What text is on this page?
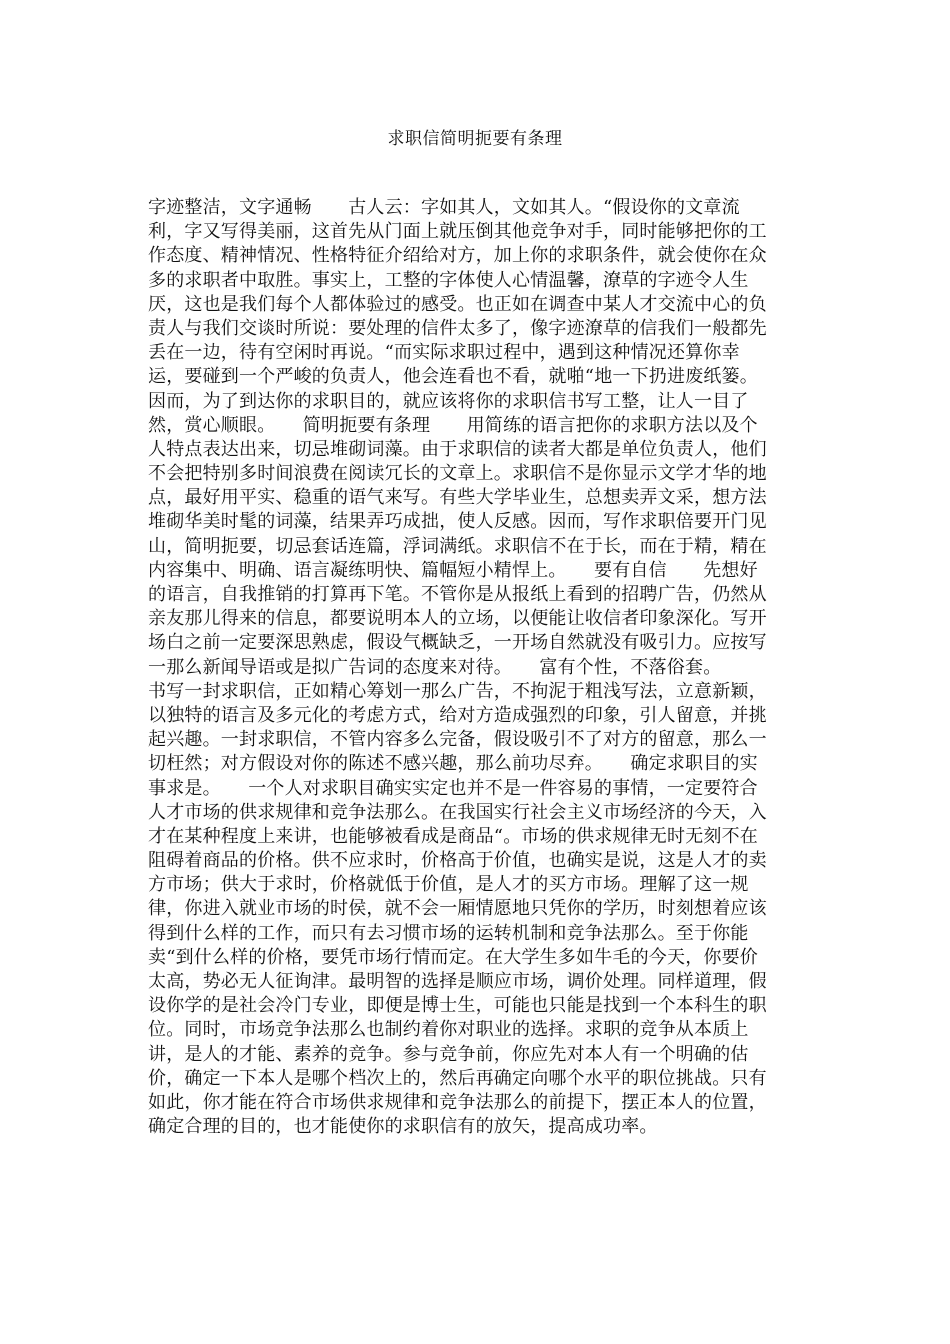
求职信简明扼要有条理
字迹整洁，文字通畅　　古人云：字如其人，文如其人。“假设你的文章流
利，字又写得美丽，这首先从门面上就压倒其他竞争对手，同时能够把你的工
作态度、精神情况、性格特征介绍给对方，加上你的求职条件，就会使你在众
多的求职者中取胜。事实上，工整的字体使人心情温馨，潦草的字迹令人生
厌，这也是我们每个人都体验过的感受。也正如在调查中某人才交流中心的负
责人与我们交谈时所说：要处理的信件太多了，像字迹潦草的信我们一般都先
丢在一边，待有空闲时再说。“而实际求职过程中，遇到这种情况还算你幸
运，要碰到一个严峻的负责人，他会连看也不看，就啪“地一下扔进废纸篓。
因而，为了到达你的求职目的，就应该将你的求职信书写工整，让人一目了
然，赏心顺眼。　　简明扼要有条理　　用简练的语言把你的求职方法以及个
人特点表达出来，切忌堆砌词藻。由于求职信的读者大都是单位负责人，他们
不会把特别多时间浪费在阅读冗长的文章上。求职信不是你显示文学才华的地
点，最好用平实、稳重的语气来写。有些大学毕业生，总想卖弄文采，想方法
堆砌华美时髦的词藻，结果弄巧成拙，使人反感。因而，写作求职倍要开门见
山，简明扼要，切忌套话连篇，浮词满纸。求职信不在于长，而在于精，精在
内容集中、明确、语言凝练明快、篇幅短小精悍上。　　要有自信　　先想好
的语言，自我推销的打算再下笔。不管你是从报纸上看到的招聘广告，仍然从
亲友那儿得来的信息，都要说明本人的立场，以便能让收信者印象深化。写开
场白之前一定要深思熟虑，假设气概缺乏，一开场自然就没有吸引力。应按写
一那么新闻导语或是拟广告词的态度来对待。　　富有个性，不落俗套。
书写一封求职信，正如精心筹划一那么广告，不拘泥于粗浅写法，立意新颖，
以独特的语言及多元化的考虑方式，给对方造成强烈的印象，引人留意，并挑
起兴趣。一封求职信，不管内容多么完备，假设吸引不了对方的留意，那么一
切枉然；对方假设对你的陈述不感兴趣，那么前功尽弃。　　确定求职目的实
事求是。　　一个人对求职目确实实定也并不是一件容易的事情，一定要符合
人才市场的供求规律和竞争法那么。在我国实行社会主义市场经济的今天，入
才在某种程度上来讲，也能够被看成是商品“。市场的供求规律无时无刻不在
阻碍着商品的价格。供不应求时，价格高于价值，也确实是说，这是人才的卖
方市场；供大于求时，价格就低于价值，是人才的买方市场。理解了这一规
律，你进入就业市场的时侯，就不会一厢情愿地只凭你的学历，时刻想着应该
得到什么样的工作，而只有去习惯市场的运转机制和竞争法那么。至于你能
卖“到什么样的价格，要凭市场行情而定。在大学生多如牛毛的今天，你要价
太高，势必无人征询津。最明智的选择是顺应市场，调价处理。同样道理，假
设你学的是社会冷门专业，即便是博士生，可能也只能是找到一个本科生的职
位。同时，市场竞争法那么也制约着你对职业的选择。求职的竞争从本质上
讲，是人的才能、素养的竞争。参与竞争前，你应先对本人有一个明确的估
价，确定一下本人是哪个档次上的，然后再确定向哪个水平的职位挑战。只有
如此，你才能在符合市场供求规律和竞争法那么的前提下，摆正本人的位置，
确定合理的目的，也才能使你的求职信有的放矢，提高成功率。
